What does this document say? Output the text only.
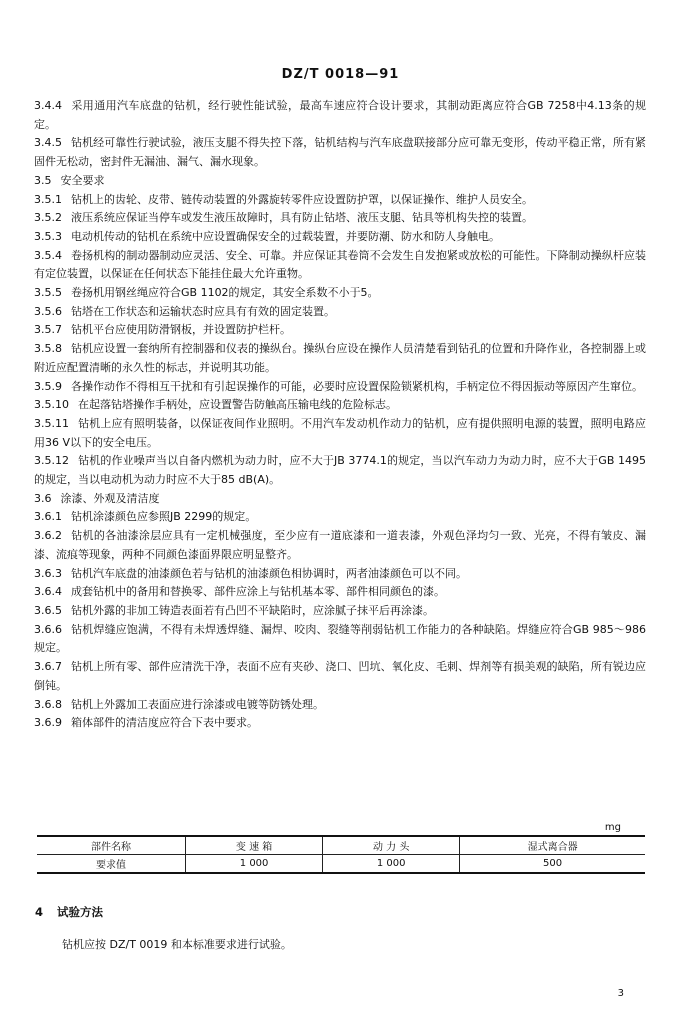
DZ/T 0018—91
3.4.4 采用通用汽车底盘的钻机，经行驶性能试验，最高车速应符合设计要求，其制动距离应符合GB 7258中4.13条的规定。
3.4.5 钻机经可靠性行驶试验，液压支腿不得失控下落，钻机结构与汽车底盘联接部分应可靠无变形，传动平稳正常，所有紧固件无松动，密封件无漏油、漏气、漏水现象。
3.5 安全要求
3.5.1 钻机上的齿轮、皮带、链传动装置的外露旋转零件应设置防护罩，以保证操作、维护人员安全。
3.5.2 液压系统应保证当停车或发生液压故障时，具有防止钻塔、液压支腿、钻具等机构失控的装置。
3.5.3 电动机传动的钻机在系统中应设置确保安全的过载装置，并要防潮、防水和防人身触电。
3.5.4 卷扬机构的制动器制动应灵活、安全、可靠。并应保证其卷筒不会发生自发抱紧或放松的可能性。下降制动操纵杆应装有定位装置，以保证在任何状态下能挂住最大允许重物。
3.5.5 卷扬机用钢丝绳应符合GB 1102的规定，其安全系数不小于5。
3.5.6 钻塔在工作状态和运输状态时应具有有效的固定装置。
3.5.7 钻机平台应使用防滑钢板，并设置防护栏杆。
3.5.8 钻机应设置一套纳所有控制器和仪表的操纵台。操纵台应设在操作人员清楚看到钻孔的位置和升降作业，各控制器上或附近应配置清晰的永久性的标志，并说明其功能。
3.5.9 各操作动作不得相互干扰和有引起误操作的可能，必要时应设置保险锁紧机构，手柄定位不得因振动等原因产生窜位。
3.5.10 在起落钻塔操作手柄处，应设置警告防触高压输电线的危险标志。
3.5.11 钻机上应有照明装备，以保证夜间作业照明。不用汽车发动机作动力的钻机，应有提供照明电源的装置，照明电路应用36 V以下的安全电压。
3.5.12 钻机的作业噪声当以自备内燃机为动力时，应不大于JB 3774.1的规定，当以汽车动力为动力时，应不大于GB 1495的规定，当以电动机为动力时应不大于85 dB(A)。
3.6 涂漆、外观及清洁度
3.6.1 钻机涂漆颜色应参照JB 2299的规定。
3.6.2 钻机的各油漆涂层应具有一定机械强度，至少应有一道底漆和一道表漆，外观色泽均匀一致、光亮，不得有皱皮、漏漆、流痕等现象，两种不同颜色漆面界限应明显整齐。
3.6.3 钻机汽车底盘的油漆颜色若与钻机的油漆颜色相协调时，两者油漆颜色可以不同。
3.6.4 成套钻机中的备用和替换零、部件应涂上与钻机基本零、部件相同颜色的漆。
3.6.5 钻机外露的非加工铸造表面若有凸凹不平缺陷时，应涂腻子抹平后再涂漆。
3.6.6 钻机焊缝应饱满，不得有未焊透焊缝、漏焊、咬肉、裂缝等削弱钻机工作能力的各种缺陷。焊缝应符合GB 985～986规定。
3.6.7 钻机上所有零、部件应清洗干净，表面不应有夹砂、浇口、凹坑、氧化皮、毛刺、焊剂等有损美观的缺陷，所有锐边应倒钝。
3.6.8 钻机上外露加工表面应进行涂漆或电镀等防锈处理。
3.6.9 箱体部件的清洁度应符合下表中要求。
mg
部件名称	变 速 箱	动 力 头	湿式离合器
要求值	1 000	1 000	500
4 试验方法
钻机应按 DZ/T 0019 和本标准要求进行试验。
3
